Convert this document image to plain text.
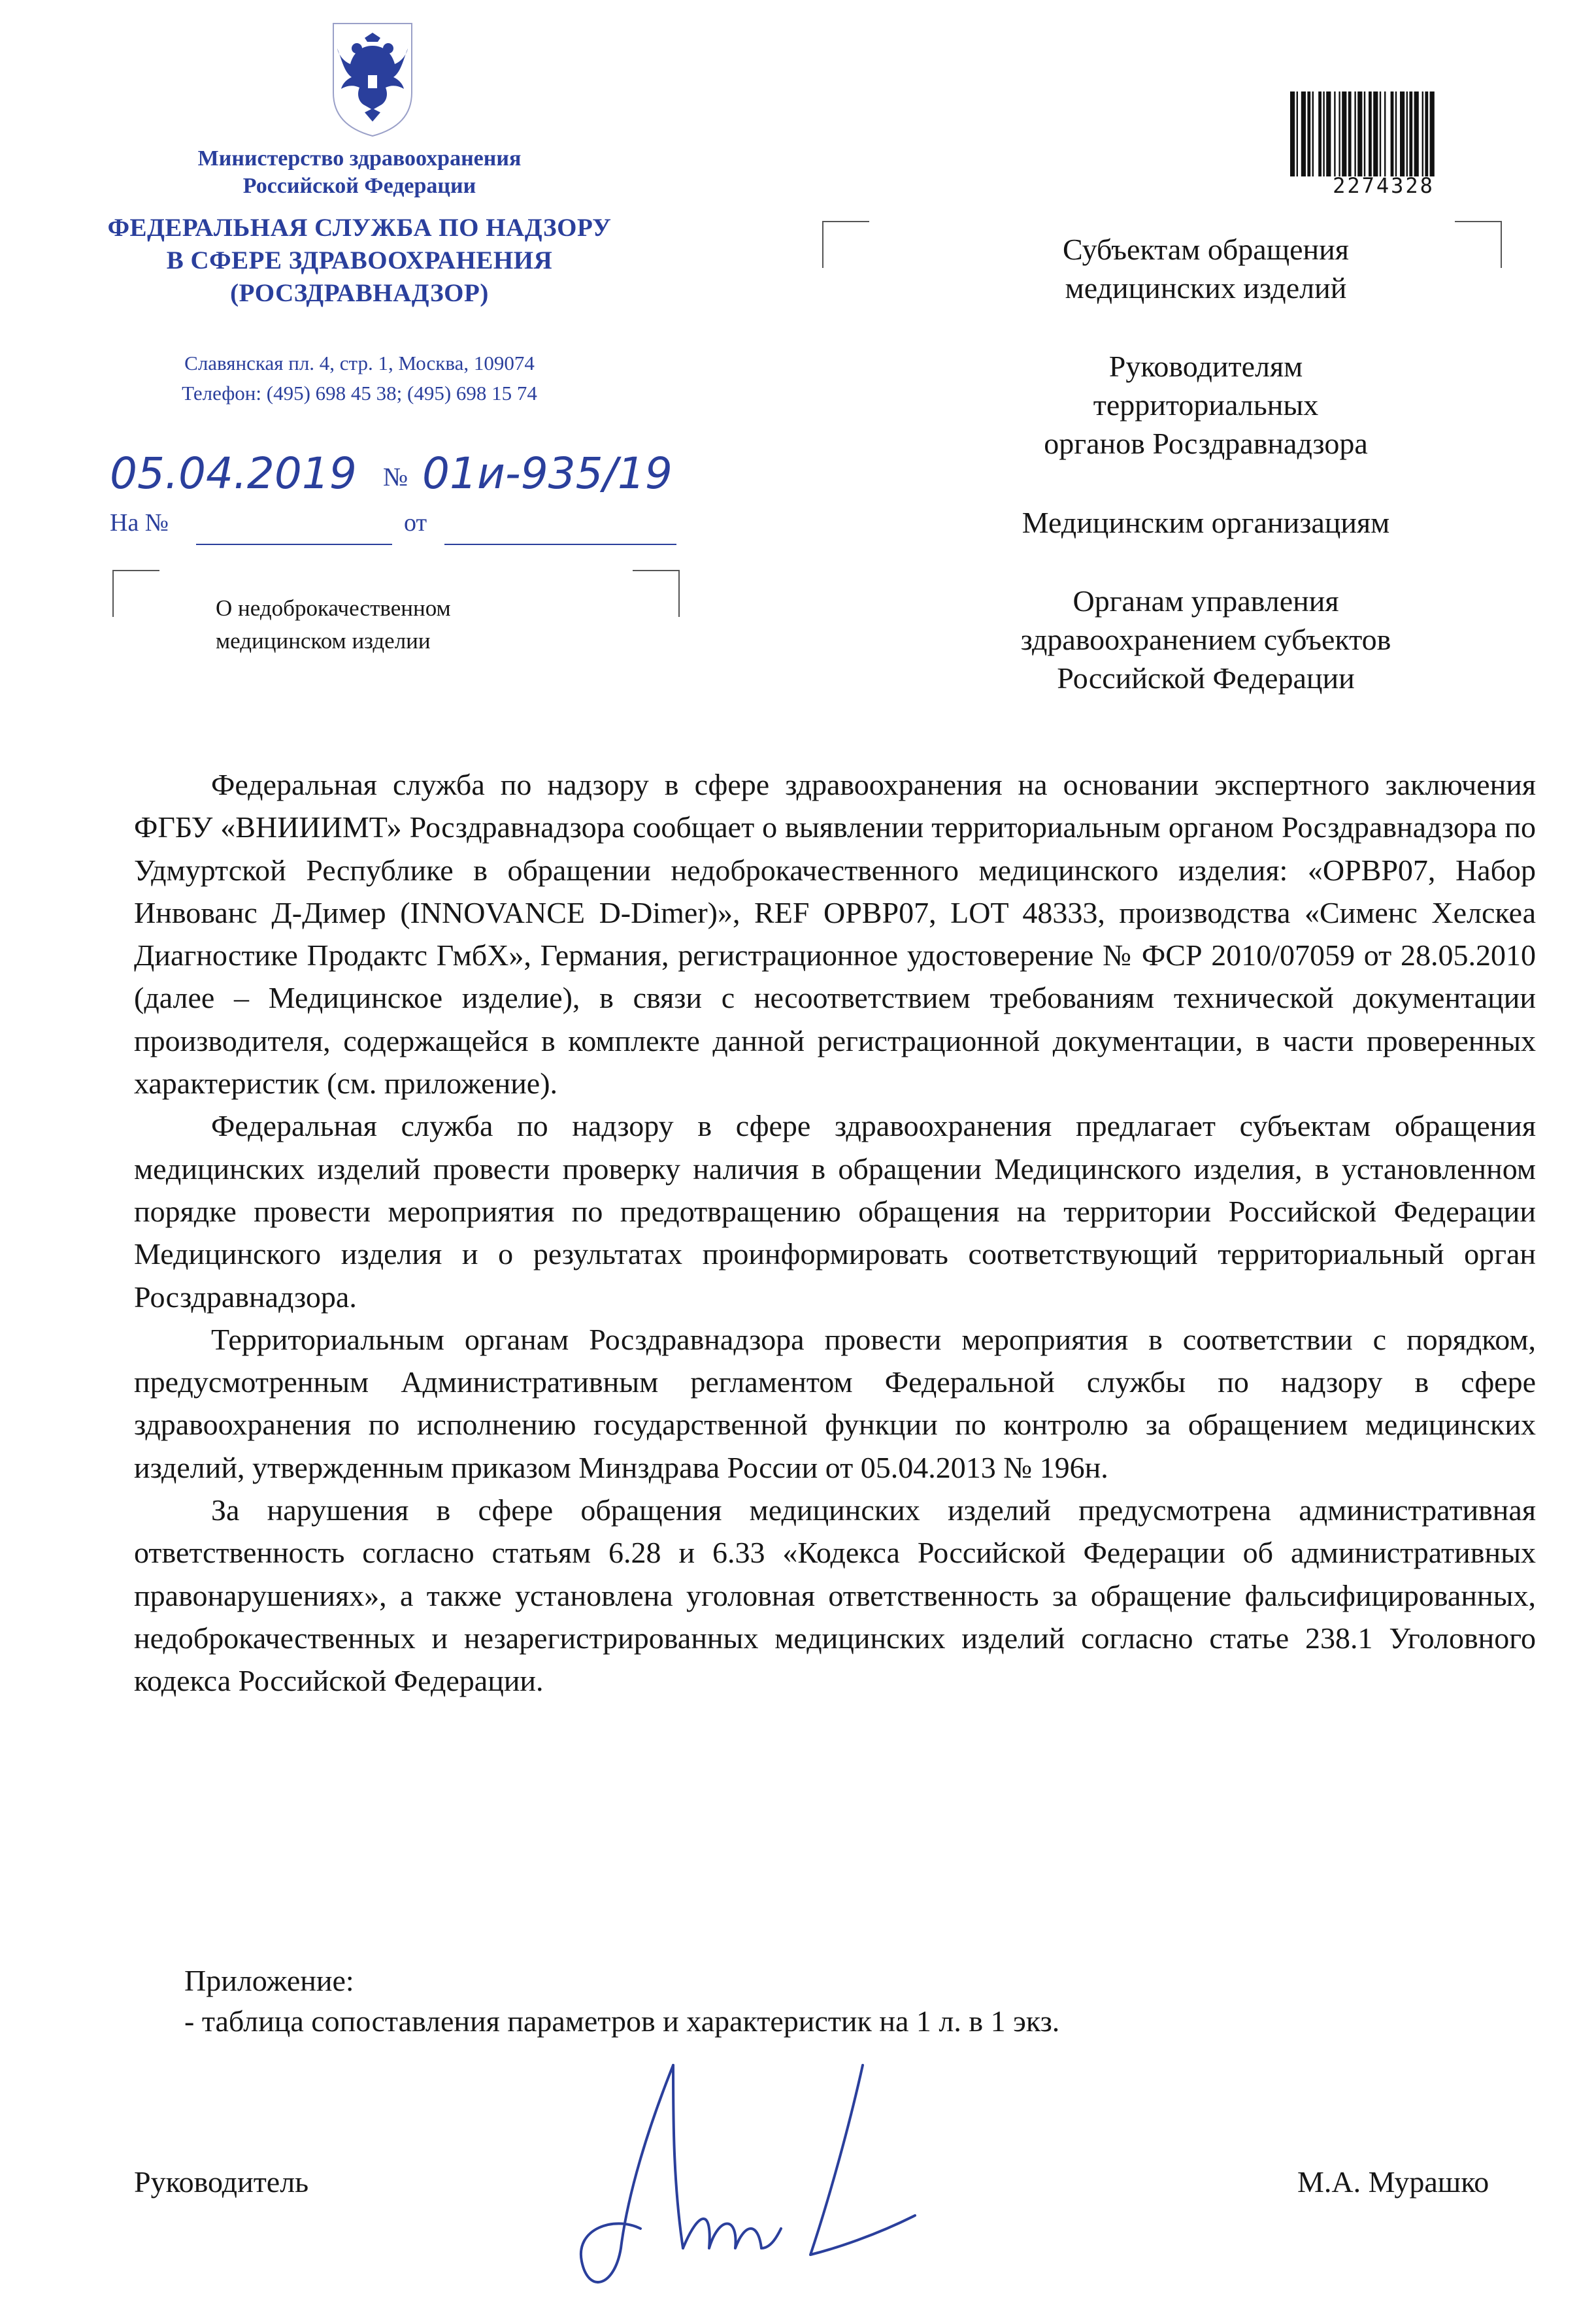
Министерство здравоохранения
Российской Федерации
ФЕДЕРАЛЬНАЯ СЛУЖБА ПО НАДЗОРУ
В СФЕРЕ ЗДРАВООХРАНЕНИЯ
(РОСЗДРАВНАДЗОР)
Славянская пл. 4, стр. 1, Москва, 109074
Телефон: (495) 698 45 38; (495) 698 15 74
05.04.2019 № 01и-935/19
На №	от
О недоброкачественном
медицинском изделии
2274328
Субъектам обращения
медицинских изделий
Руководителям
территориальных
органов Росздравнадзора
Медицинским организациям
Органам управления
здравоохранением субъектов
Российской Федерации

Федеральная служба по надзору в сфере здравоохранения на основании экспертного заключения ФГБУ «ВНИИИМТ» Росздравнадзора сообщает о выявлении территориальным органом Росздравнадзора по Удмуртской Республике в обращении недоброкачественного медицинского изделия: «OPBP07, Набор Инвованс Д-Димер (INNOVANCE D-Dimer)», REF OPBP07, LOT 48333, производства «Сименс Хелскеа Диагностике Продактс ГмбХ», Германия, регистрационное удостоверение № ФСР 2010/07059 от 28.05.2010 (далее – Медицинское изделие), в связи с несоответствием требованиям технической документации производителя, содержащейся в комплекте данной регистрационной документации, в части проверенных характеристик (см. приложение).

Федеральная служба по надзору в сфере здравоохранения предлагает субъектам обращения медицинских изделий провести проверку наличия в обращении Медицинского изделия, в установленном порядке провести мероприятия по предотвращению обращения на территории Российской Федерации Медицинского изделия и о результатах проинформировать соответствующий территориальный орган Росздравнадзора.

Территориальным органам Росздравнадзора провести мероприятия в соответствии с порядком, предусмотренным Административным регламентом Федеральной службы по надзору в сфере здравоохранения по исполнению государственной функции по контролю за обращением медицинских изделий, утвержденным приказом Минздрава России от 05.04.2013 № 196н.

За нарушения в сфере обращения медицинских изделий предусмотрена административная ответственность согласно статьям 6.28 и 6.33 «Кодекса Российской Федерации об административных правонарушениях», а также установлена уголовная ответственность за обращение фальсифицированных, недоброкачественных и незарегистрированных медицинских изделий согласно статье 238.1 Уголовного кодекса Российской Федерации.

Приложение:
- таблица сопоставления параметров и характеристик на 1 л. в 1 экз.
Руководитель	М.А. Мурашко
